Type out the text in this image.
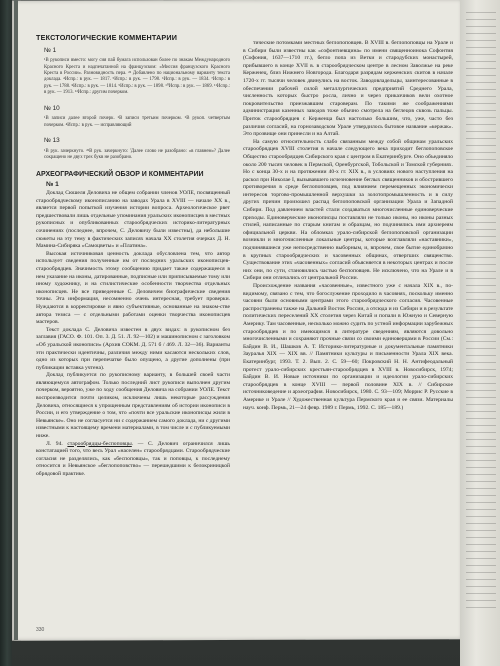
ТЕКСТОЛОГИЧЕСКИЕ КОММЕНТАРИИ
№ 1
¹В рукописи вместо: могу сия пай бумага использован более по знакам Международного Красного Креста и надпечатанной на французском: «Миссия французского Красного Креста в России». Разновидность пера. ²³ Добавлено по национальному варианту текста доклада. ⁴Испр.: в рук. — 1817. ⁵Испр.: в рук. — 1798. ⁶Испр.: в рук. — 1834. ⁷Испр.: в рук. — 1788. ⁸Испр.: в рук. — 1814. ⁹Испр.: в рук. — 1898. ¹⁰Испр.: в рук. — 1869. ¹¹Испр.: в рук. — 1913. ¹²Испр.: другим почерком.
№ 10
¹В записи далее второй почерк. ²В записи третьим почерком. ³В рукоп. четвертым почерком. ⁴Испр.: в рук. — исправляющий
№ 13
¹В рук. зачеркнуто. ²³В рук. зачеркнуто: 'Далее слово не разобрано: «в главнем»? Далее сокращено не двух трех букв не разобрано.
АРХЕОГРАФИЧЕСКИЙ ОБЗОР И КОММЕНТАРИИ
№ 1

Доклад Сюшеля Деловича не общем собрании членов УОЛЕ, посвященный старообрядческому иконописанию на заводах Урала в XVIII — начале XX в., является первой попыткой изучения истории вопроса. Археологическое рвет предшествовали лишь отдельные упоминания уральских иконописцев в местных рукописных и опубликованных старообрядческих историко-литературных сочинениях (последнее, впрочем, С. Деловичу были известны), да небольшие сюжеты на эту тему в фактических записях начала XX столетия очерках Д. Н. Мамина-Сибиряка «Самоцветы» и «Платина».

Высокая источниковая ценность доклада обусловлена тем, что автор использует сведения полученные им от последних уральских иконописцев-старообрядцев. Значимость этому сообщению придает также содержащееся в нем указание на иконы, датированные, подписные или приписываемые тому или иному художнику, и на стилистические особенности творчества отдельных иконописцев. Не все приведенные С. Деловичем биографические сведения точны. Эта информация, несомненно очень интересная, требует проверки. Нуждаются в корректировке и явно субъективные, основанные на знаком-стве автора тезиса — с отдельными работами оценки творчества иконописцев мастеров.

Текст доклада С. Деловича известен в двух видах: в рукописном без заглавия (ГАСО. Ф. 101. Оп. 3. Д. 51. Л. 92—102) и машинописном с заголовком «Об уральской иконописи» (Архив СОКМ. Д. 571 б / 469. Л. 32—36). Варианты эти практически идентичны, различия между ними касаются нескольких слов, одно из которых при перепечатке было опущено, а другие дополнены (при публикации вставка учтена).

Доклад публикуется по рукописному варианту, в большей своей части являющемуся автографом. Только последний лист рукописи выполнен другим почерком, вероятно, уже по ходу сообщения Деловича на собрании УОЛЕ. Текст воспроизводится почти целиком, исключены лишь некоторые рассуждения Деловича, относящиеся к упрощенным представлениям об истории иконописи в России, и его утверждение о том, что «почти все уральские иконописцы жили в Невьянске». Оно не согласуется ни с содержанием самого доклада, ни с другими известными к настоящему времени материалами, в том числе и с публикуемыми ниже.

Л. 94. старообрядцы-беспоповцы. — С. Делович ограничился лишь констатацией того, что весь Урал «населен» старообрядцами. Старообрядческие согласия не разделялись, как «беспоповцы», так и поповцы, к последнему относится и Невьянское «беглопоповство» — перешедшими к белокриницкой обрядовой практике.

тические потомками местных беглопоповцев. В XVIII в. беглопоповцы на Урале и в Сибири были известны как «софонтиевщина» по имени священноинока Софонтия (Софония, 1637—1710 гг.), бегло попа из Ветки и стародубских монастырей, прибывшего в конце XVII в. в старообрядческом центре в лесном Заволжье на реке Керженец, близ Нижнего Новгорода. Благодаря разрядам керженских скитов в начале 1720-х гг. тысячи человек двинулись на восток. Заводовладельцы, заинтересованные в обеспечении рабочей силой металлургических предприятий Среднего Урала, численность которых быстро росла, лично и через приказчиков вели охотное покровительство приезжавшим староверам. По такими же соображениями администрация казенных заводов тоже обычно смотрела на беглецов сквозь пальцы. Приток старообрядцев с Керженца был настолько большим, что, уже, часто без различия согласий, на горнозаводском Урале утвердилось бытовое название «кержак». Это прозвище они принесли и на Алтай.

На самую относительность слабо связанным между собой общинам уральских старообрядцев XVIII столетия в начале следующего века приходит беглопоповское Общество старообрядцев Сибирского края с центром в Екатеринбурге. Оно объединяло около 200 тысяч человек в Пермской, Оренбургской, Тобольской и Томской губерниях. Но с конца 30-х и на протяжении 40-х гг. XIX в., в условиях нового наступления на раскол при Николае I, вызывавшего исчезновение беглых священников и обострившего противоречия в среде беглопоповцев, под влиянием перемещенных экономически интересов торгово-промышленной верхушки за золотопромышленность и в силу других причин произошел распад беглопоповской организации Урала и Западной Сибири. Под давлением властей стали создаваться многочисленные единоверческие приходы. Единоверческие иконописцы поставляли не только иконы, но иконы разных стилей, написанные по старым книгам и образцам, но подчинялись ими архиереям официальной церкви. На обломках урало-сибирской беглопоповской организации возникли и многочисленные локальные центры, которые возглавляли «наставники», подчинявшиеся уже непосредственно выборным, и, впрочем, свое бытие единобрачно в крупных старообрядческих и часовенных общинах, отвергших священство. Существование этих «часовенных» согласий объясняется в некоторых центрах и после них они, по сути, становились частью беспоповцев. Не исключено, что на Урале и в Сибири они отличались от центральной России.

Происхождение названия «часовенные», известного уже с начала XIX в., по-видимому, связано с тем, что богослужение проходило в часовнях, поскольку именно часовни были основными центрами этого старообрядческого согласия. Часовенные распространены также на Дальний Восток России, а отсюда и из Сибири и в результате политических переселений XX столетия через Китай и попали в Южную и Северную Америку. Там часовенные, несколько можно судить по устной информации зарубежных старообрядцев и по имеющимся в литературе сведениям, являются довольно многочисленными и сохраняют прочные связи со своими единоверцами в России (См.: Байдин В. И., Шашков А. Т. Историко-литературные и документальные памятники Зауралья XIX — XIX вв. // Памятники культуры и письменности Урала XIX века. Екатеринбург, 1993. Т. 2. Вып. 2. С. 59—60; Покровский Н. Н. Антифеодальный протест урало-сибирских крестьян-старообрядцев в XVIII в. Новосибирск, 1974; Байдин В. И. Новые источники по организации и идеологии урало-сибирских старообрядцев в конце XVIII — первой половине XIX в. // Сибирское источниковедение и археография. Новосибирск, 1980. С. 93—109; Моррис Р. Русские в Америке и Урале // Художественная культура Пермского края и ее связи. Материалы науч. конф. Пермь, 21—24 февр. 1989 г. Пермь, 1992. С. 185—189.)

330
